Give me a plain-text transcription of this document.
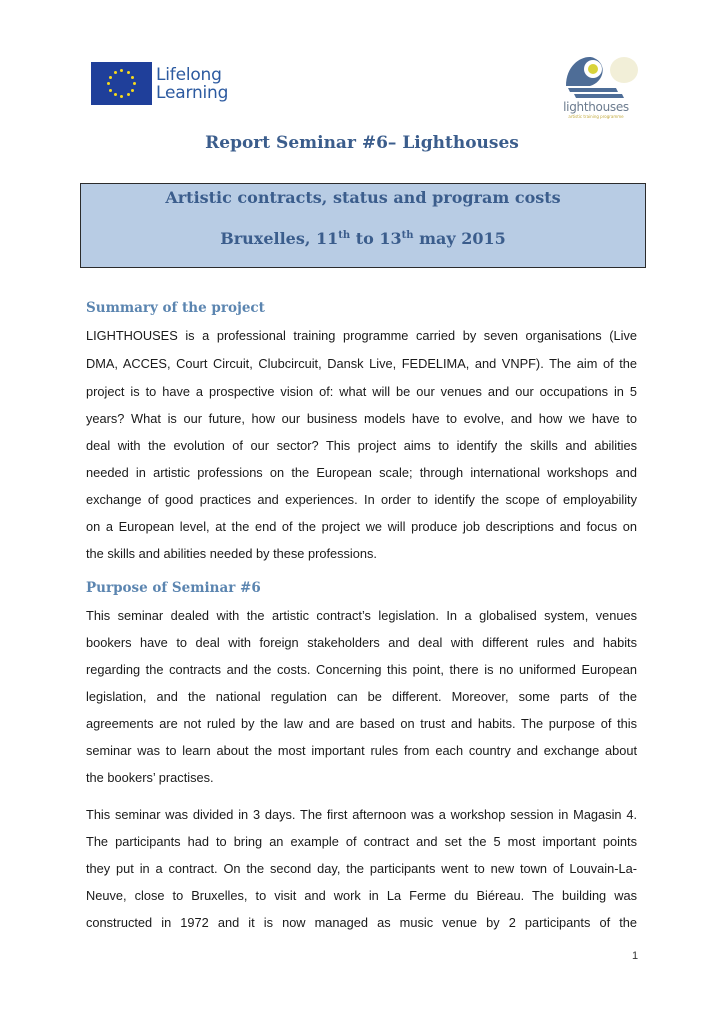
Lifelong
Learning
lighthouses
artistic training programme
Report Seminar #6– Lighthouses
Artistic contracts, status and program costs
Bruxelles, 11th to 13th may 2015
Summary of the project
LIGHTHOUSES is a professional training programme carried by seven organisations (Live
DMA, ACCES, Court Circuit, Clubcircuit, Dansk Live, FEDELIMA, and VNPF). The aim of the
project is to have a prospective vision of: what will be our venues and our occupations in 5
years? What is our future, how our business models have to evolve, and how we have to
deal with the evolution of our sector? This project aims to identify the skills and abilities
needed in artistic professions on the European scale; through international workshops and
exchange of good practices and experiences. In order to identify the scope of employability
on a European level, at the end of the project we will produce job descriptions and focus on
the skills and abilities needed by these professions.
Purpose of Seminar #6
This seminar dealed with the artistic contract’s legislation. In a globalised system, venues
bookers have to deal with foreign stakeholders and deal with different rules and habits
regarding the contracts and the costs. Concerning this point, there is no uniformed European
legislation, and the national regulation can be different. Moreover, some parts of the
agreements are not ruled by the law and are based on trust and habits. The purpose of this
seminar was to learn about the most important rules from each country and exchange about
the bookers’ practises.
This seminar was divided in 3 days. The first afternoon was a workshop session in Magasin 4.
The participants had to bring an example of contract and set the 5 most important points
they put in a contract. On the second day, the participants went to new town of Louvain-La-
Neuve, close to Bruxelles, to visit and work in La Ferme du Biéreau. The building was
constructed in 1972 and it is now managed as music venue by 2 participants of the
1
